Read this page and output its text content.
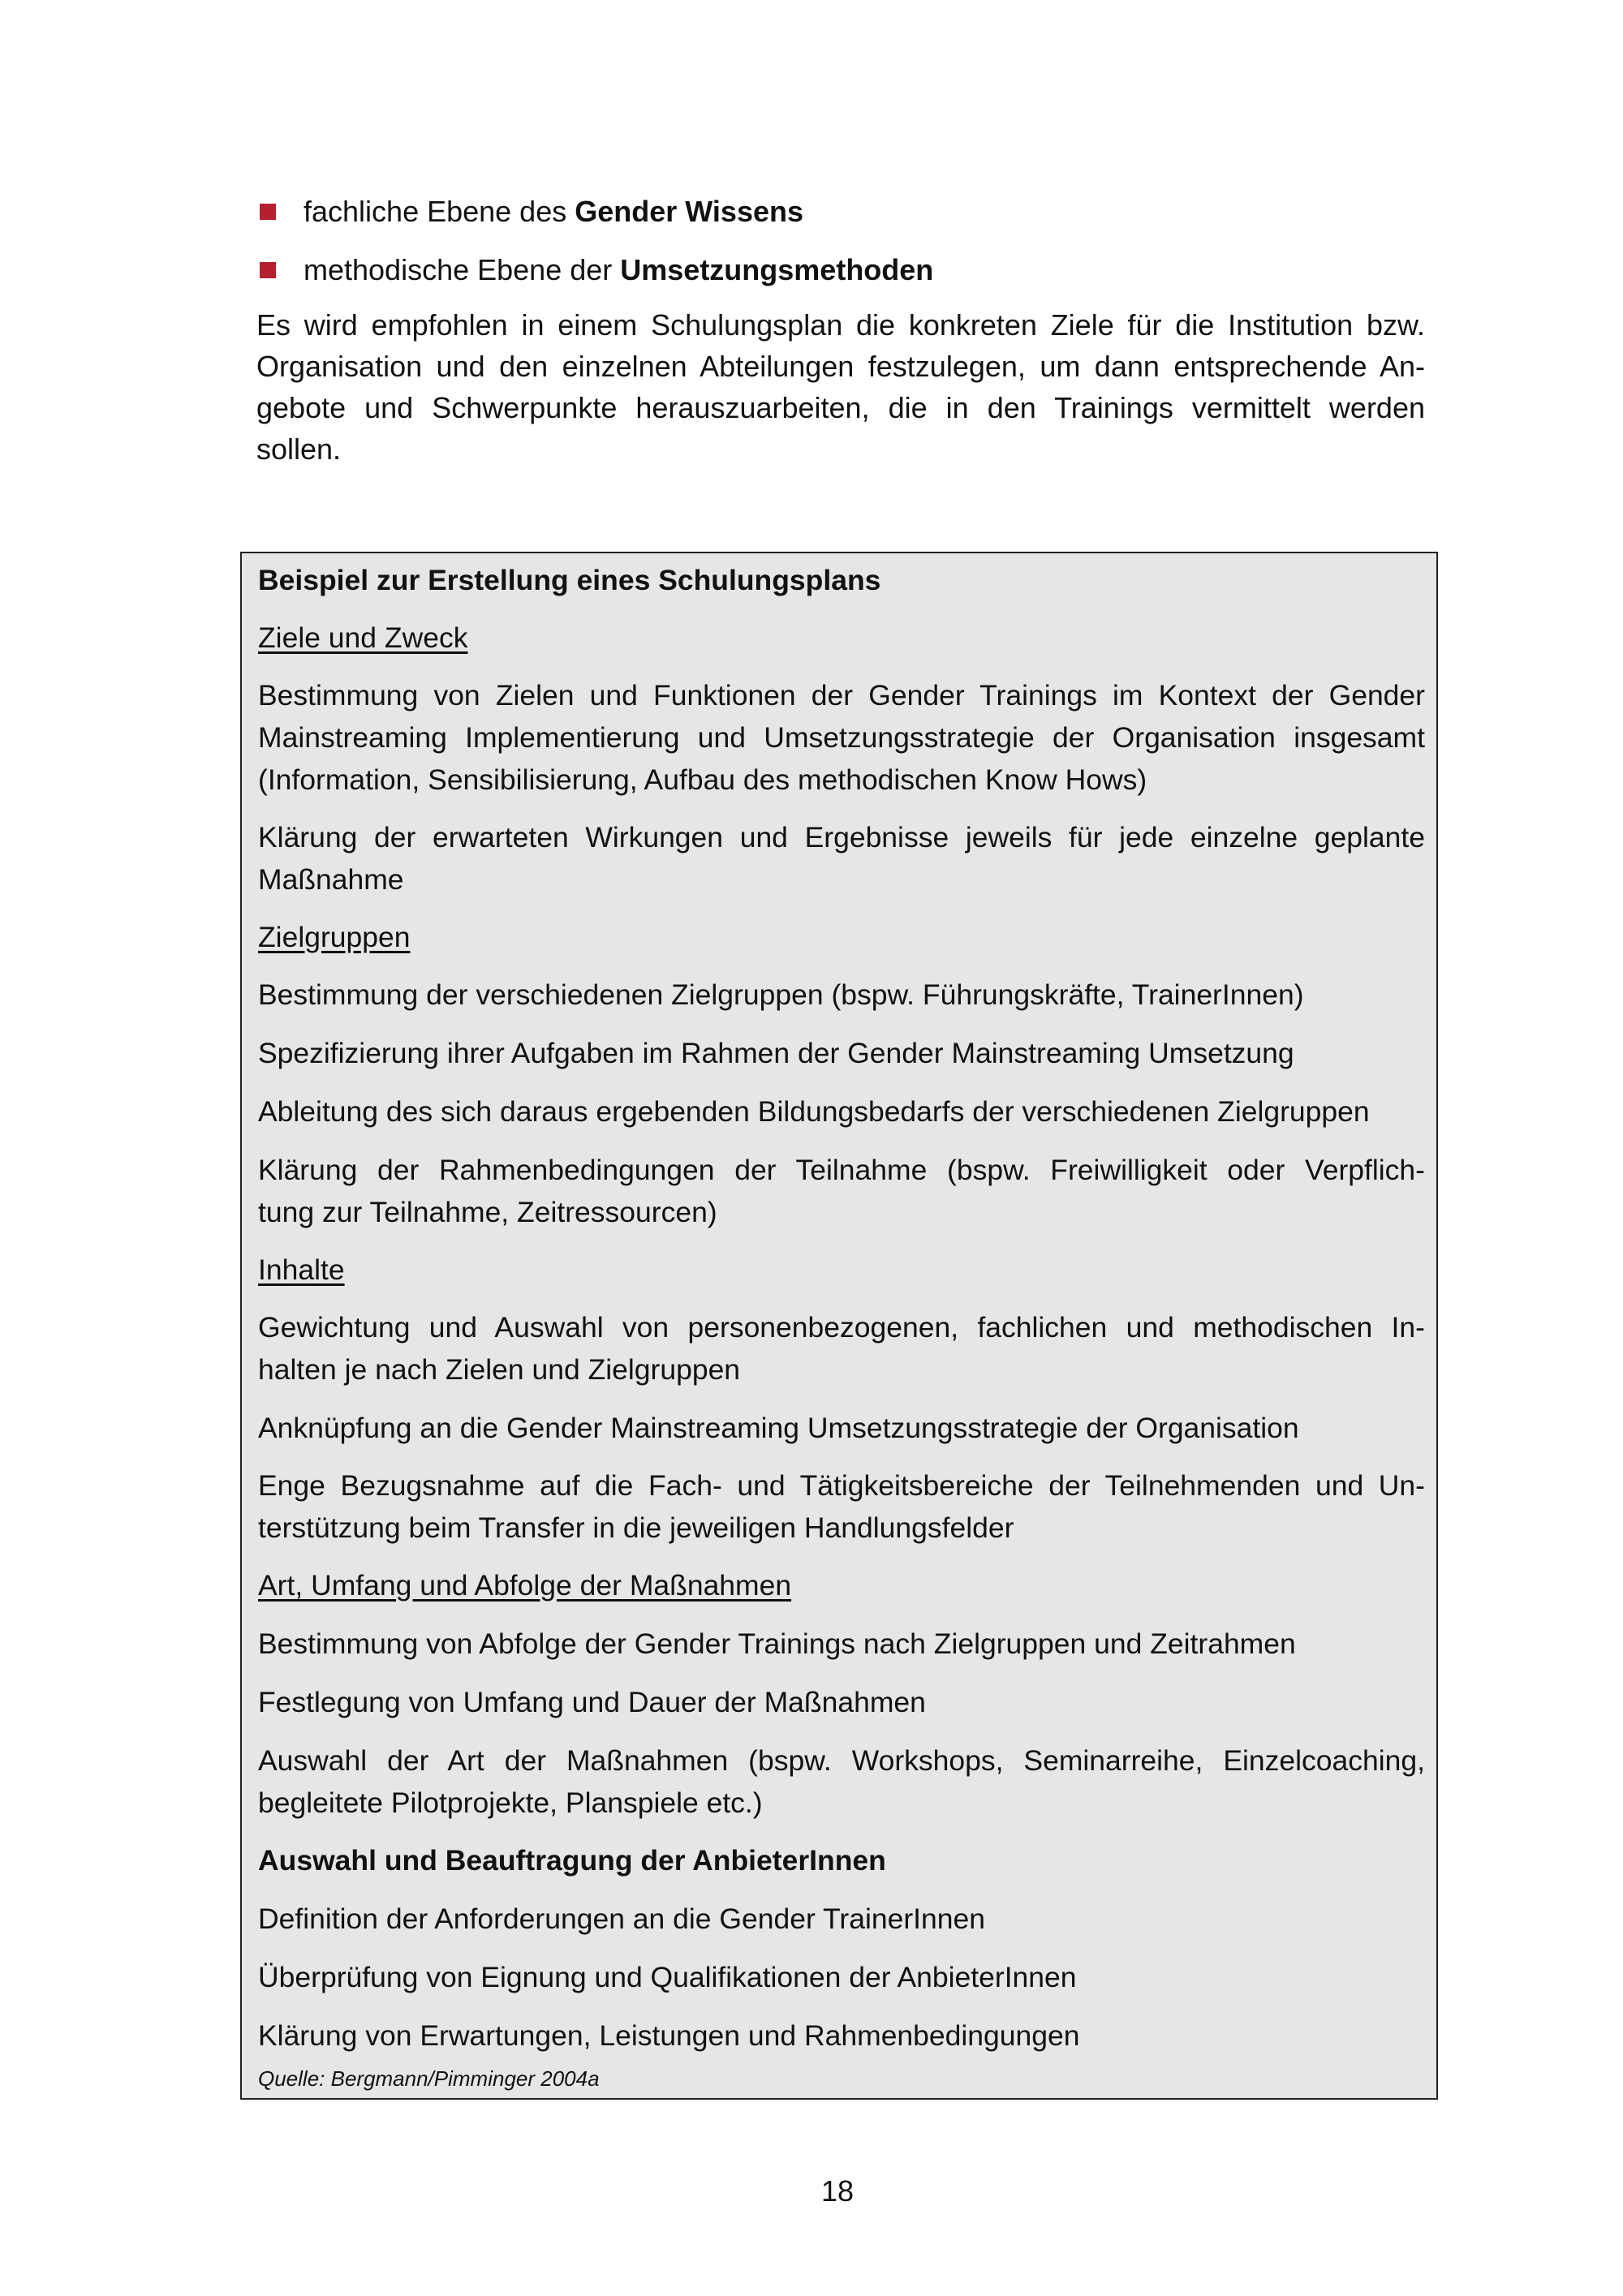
fachliche Ebene des Gender Wissens
methodische Ebene der Umsetzungsmethoden
Es wird empfohlen in einem Schulungsplan die konkreten Ziele für die Institution bzw.
Organisation und den einzelnen Abteilungen festzulegen, um dann entsprechende An-
gebote und Schwerpunkte herauszuarbeiten, die in den Trainings vermittelt werden
sollen.
Beispiel zur Erstellung eines Schulungsplans
Ziele und Zweck
Bestimmung von Zielen und Funktionen der Gender Trainings im Kontext der Gender
Mainstreaming Implementierung und Umsetzungsstrategie der Organisation insgesamt
(Information, Sensibilisierung, Aufbau des methodischen Know Hows)
Klärung der erwarteten Wirkungen und Ergebnisse jeweils für jede einzelne geplante
Maßnahme
Zielgruppen
Bestimmung der verschiedenen Zielgruppen (bspw. Führungskräfte, TrainerInnen)
Spezifizierung ihrer Aufgaben im Rahmen der Gender Mainstreaming Umsetzung
Ableitung des sich daraus ergebenden Bildungsbedarfs der verschiedenen Zielgruppen
Klärung der Rahmenbedingungen der Teilnahme (bspw. Freiwilligkeit oder Verpflich-
tung zur Teilnahme, Zeitressourcen)
Inhalte
Gewichtung und Auswahl von personenbezogenen, fachlichen und methodischen In-
halten je nach Zielen und Zielgruppen
Anknüpfung an die Gender Mainstreaming Umsetzungsstrategie der Organisation
Enge Bezugsnahme auf die Fach- und Tätigkeitsbereiche der Teilnehmenden und Un-
terstützung beim Transfer in die jeweiligen Handlungsfelder
Art, Umfang und Abfolge der Maßnahmen
Bestimmung von Abfolge der Gender Trainings nach Zielgruppen und Zeitrahmen
Festlegung von Umfang und Dauer der Maßnahmen
Auswahl der Art der Maßnahmen (bspw. Workshops, Seminarreihe, Einzelcoaching,
begleitete Pilotprojekte, Planspiele etc.)
Auswahl und Beauftragung der AnbieterInnen
Definition der Anforderungen an die Gender TrainerInnen
Überprüfung von Eignung und Qualifikationen der AnbieterInnen
Klärung von Erwartungen, Leistungen und Rahmenbedingungen
Quelle: Bergmann/Pimminger 2004a
18
